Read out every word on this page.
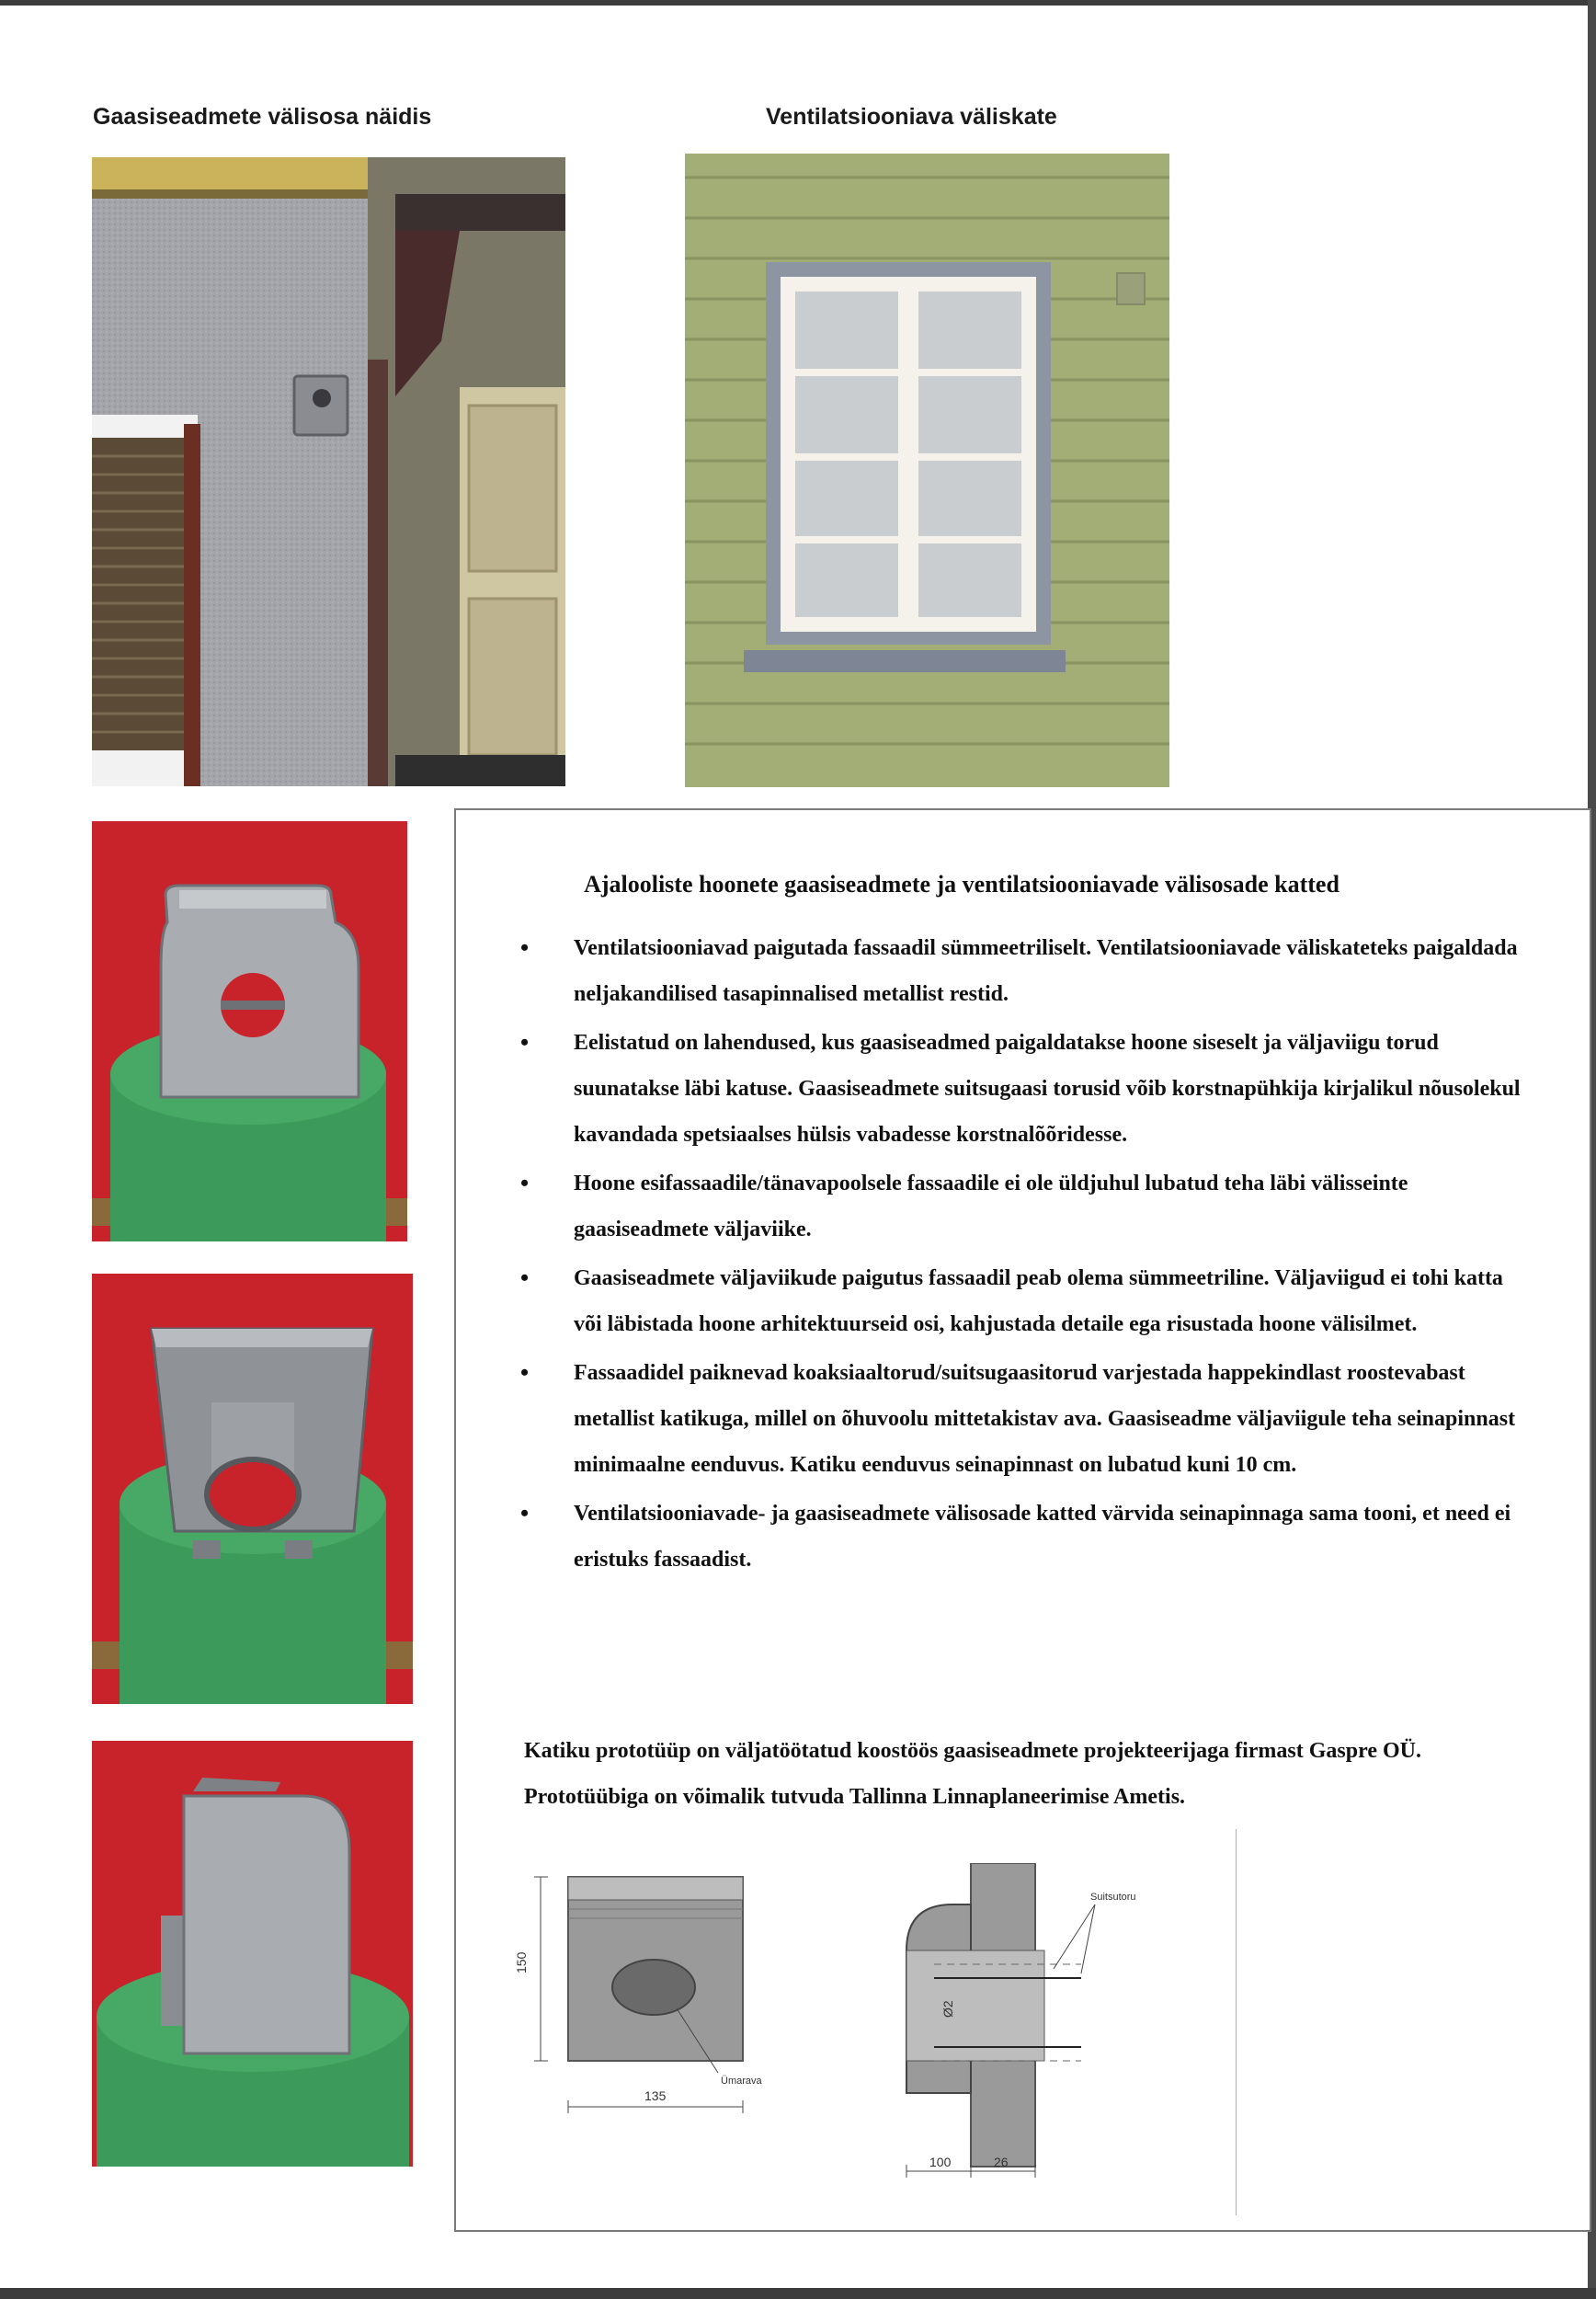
Gaasiseadmete välisosa näidis	Ventilatsiooniava väliskate
Ajalooliste hoonete gaasiseadmete ja ventilatsiooniavade välisosade katted
• Ventilatsiooniavad paigutada fassaadil sümmeetriliselt. Ventilatsiooniavade väliskateteks paigaldada neljakandilised tasapinnalised metallist restid.
• Eelistatud on lahendused, kus gaasiseadmed paigaldatakse hoone siseselt ja väljaviigu torud suunatakse läbi katuse. Gaasiseadmete suitsugaasi torusid võib korstnapühkija kirjalikul nõusolekul kavandada spetsiaalses hülsis vabadesse korstnalõõridesse.
• Hoone esifassaadile/tänavapoolsele fassaadile ei ole üldjuhul lubatud teha läbi välisseinte gaasiseadmete väljaviike.
• Gaasiseadmete väljaviikude paigutus fassaadil peab olema sümmeetriline. Väljaviigud ei tohi katta või läbistada hoone arhitektuurseid osi, kahjustada detaile ega risustada hoone välisilmet.
• Fassaadidel paiknevad koaksiaaltorud/suitsugaasitorud varjestada happekindlast roostevabast metallist katikuga, millel on õhuvoolu mittetakistav ava. Gaasiseadme väljaviigule teha seinapinnast minimaalne eenduvus. Katiku eenduvus seinapinnast on lubatud kuni 10 cm.
• Ventilatsiooniavade- ja gaasiseadmete välisosade katted värvida seinapinnaga sama tooni, et need ei eristuks fassaadist.
Katiku prototüüp on väljatöötatud koostöös gaasiseadmete projekteerijaga firmast Gaspre OÜ. Prototüübiga on võimalik tutvuda Tallinna Linnaplaneerimise Ametis.
Ümarava
150
135
Ø2
Suitsutoru
100	26
